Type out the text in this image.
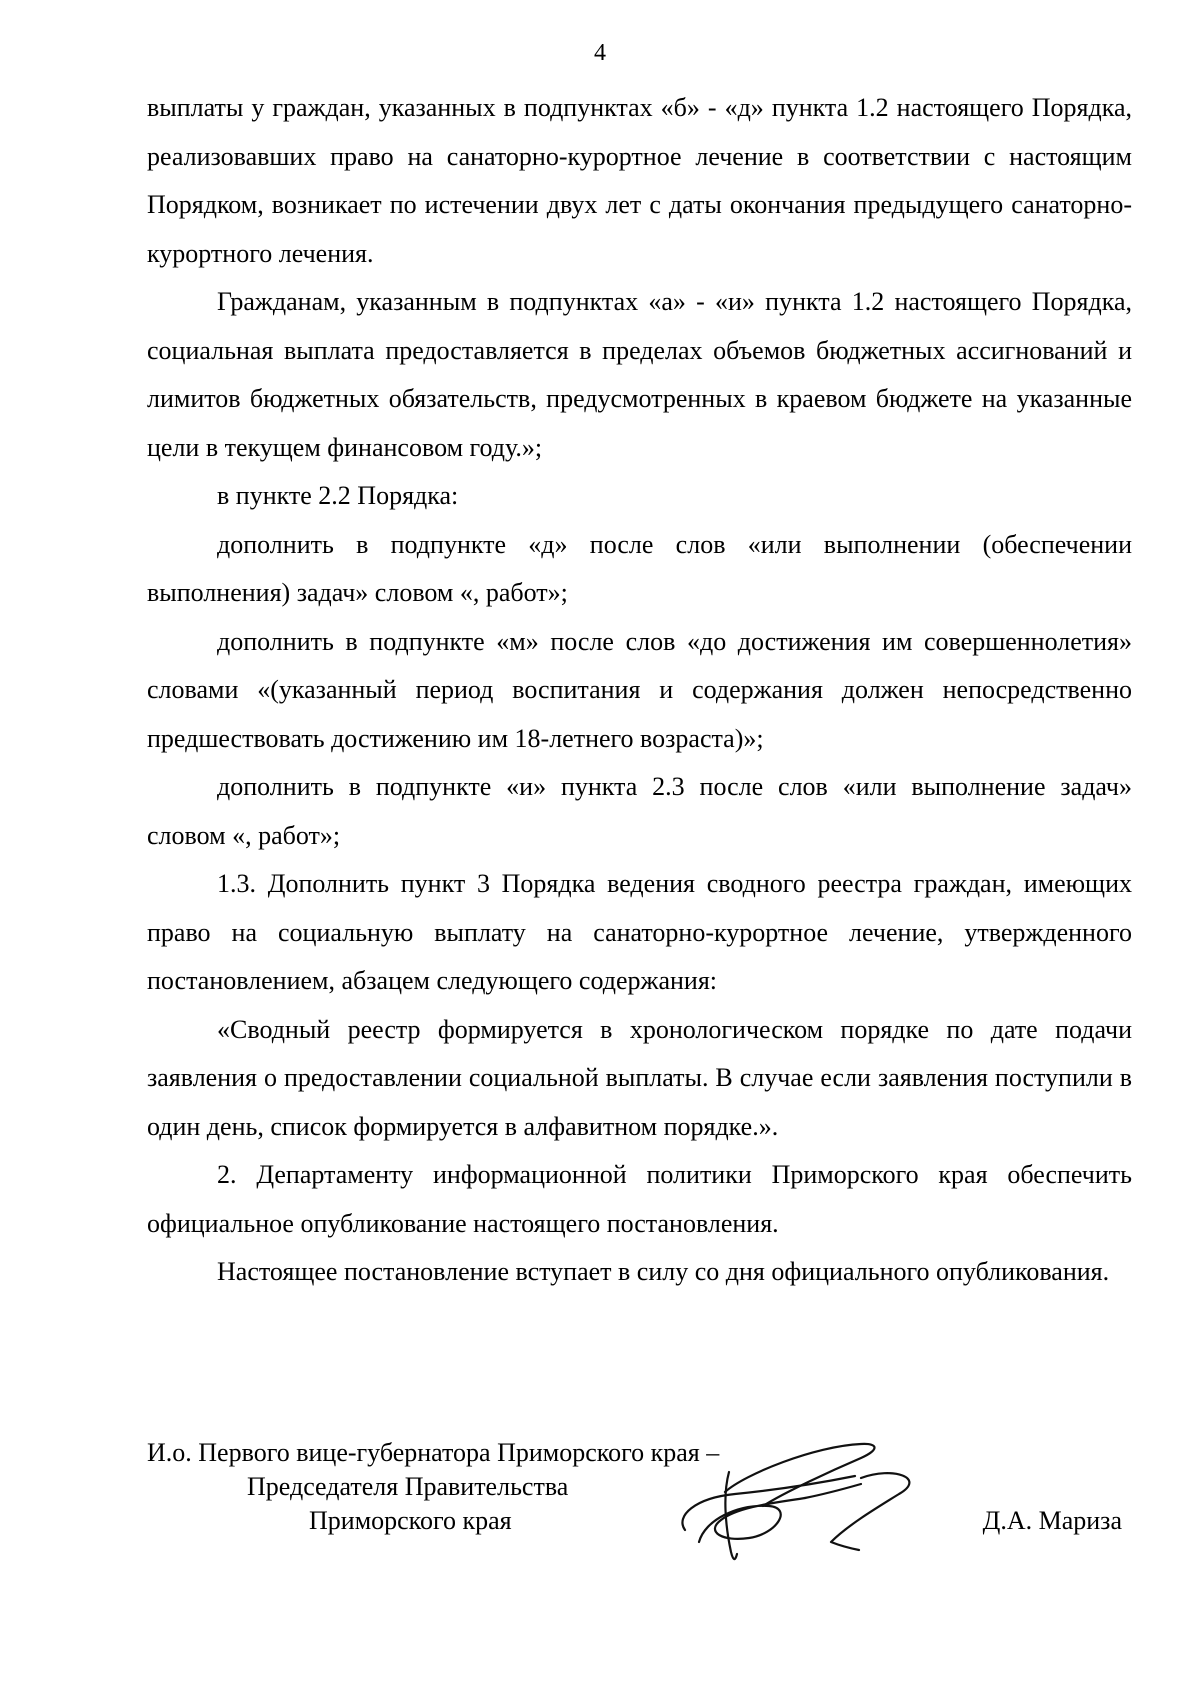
4

выплаты у граждан, указанных в подпунктах «б» - «д» пункта 1.2 настоящего Порядка, реализовавших право на санаторно-курортное лечение в соответствии с настоящим Порядком, возникает по истечении двух лет с даты окончания предыдущего санаторно-курортного лечения.

Гражданам, указанным в подпунктах «а» - «и» пункта 1.2 настоящего Порядка, социальная выплата предоставляется в пределах объемов бюджетных ассигнований и лимитов бюджетных обязательств, предусмотренных в краевом бюджете на указанные цели в текущем финансовом году.»;

в пункте 2.2 Порядка:

дополнить в подпункте «д» после слов «или выполнении (обеспечении выполнения) задач» словом «, работ»;

дополнить в подпункте «м» после слов «до достижения им совершеннолетия» словами «(указанный период воспитания и содержания должен непосредственно предшествовать достижению им 18-летнего возраста)»;

дополнить в подпункте «и» пункта 2.3 после слов «или выполнение задач» словом «, работ»;

1.3. Дополнить пункт 3 Порядка ведения сводного реестра граждан, имеющих право на социальную выплату на санаторно-курортное лечение, утвержденного постановлением, абзацем следующего содержания:

«Сводный реестр формируется в хронологическом порядке по дате подачи заявления о предоставлении социальной выплаты. В случае если заявления поступили в один день, список формируется в алфавитном порядке.».

2. Департаменту информационной политики Приморского края обеспечить официальное опубликование настоящего постановления.

Настоящее постановление вступает в силу со дня официального опубликования.

И.о. Первого вице-губернатора Приморского края –
Председателя Правительства
Приморского края	Д.А. Мариза
